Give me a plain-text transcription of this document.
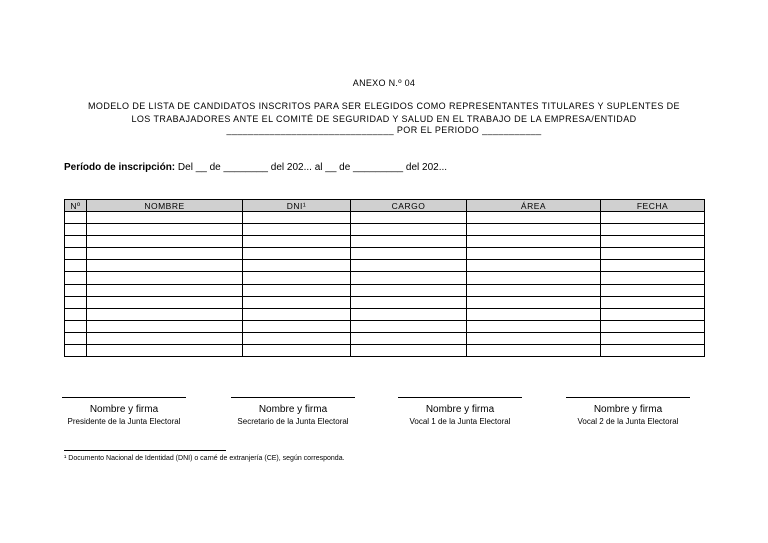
ANEXO N.º 04
MODELO DE LISTA DE CANDIDATOS INSCRITOS PARA SER ELEGIDOS COMO REPRESENTANTES TITULARES Y SUPLENTES DE
LOS TRABAJADORES ANTE EL COMITÉ DE SEGURIDAD Y SALUD EN EL TRABAJO DE LA EMPRESA/ENTIDAD
_______________________________ POR EL PERIODO ___________
Período de inscripción: Del __ de ________ del 202... al __ de _________ del 202...
Nº	NOMBRE	DNI¹	CARGO	ÁREA	FECHA

Nombre y firma
Presidente de la Junta Electoral
Nombre y firma
Secretario de la Junta Electoral
Nombre y firma
Vocal 1 de la Junta Electoral
Nombre y firma
Vocal 2 de la Junta Electoral
¹ Documento Nacional de Identidad (DNI) o carné de extranjería (CE), según corresponda.
